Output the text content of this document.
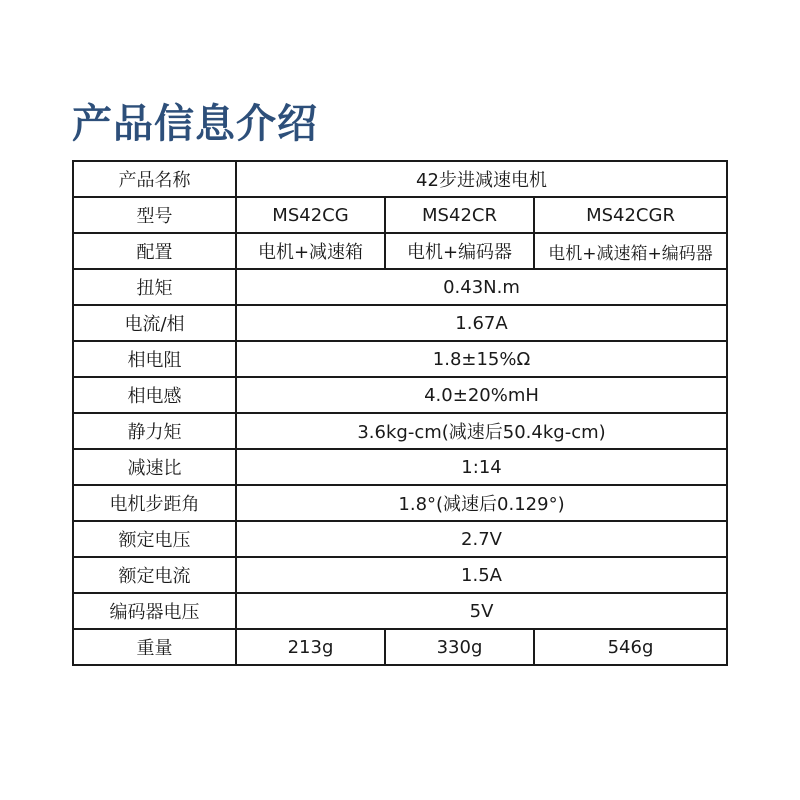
产品信息介绍
产品名称	42步进减速电机		
型号	MS42CG	MS42CR	MS42CGR
配置	电机+减速箱	电机+编码器	电机+减速箱+编码器
扭矩	0.43N.m		
电流/相	1.67A		
相电阻	1.8±15%Ω		
相电感	4.0±20%mH		
静力矩	3.6kg-cm(减速后50.4kg-cm)		
减速比	1:14		
电机步距角	1.8°(减速后0.129°)		
额定电压	2.7V		
额定电流	1.5A		
编码器电压	5V		
重量	213g	330g	546g
